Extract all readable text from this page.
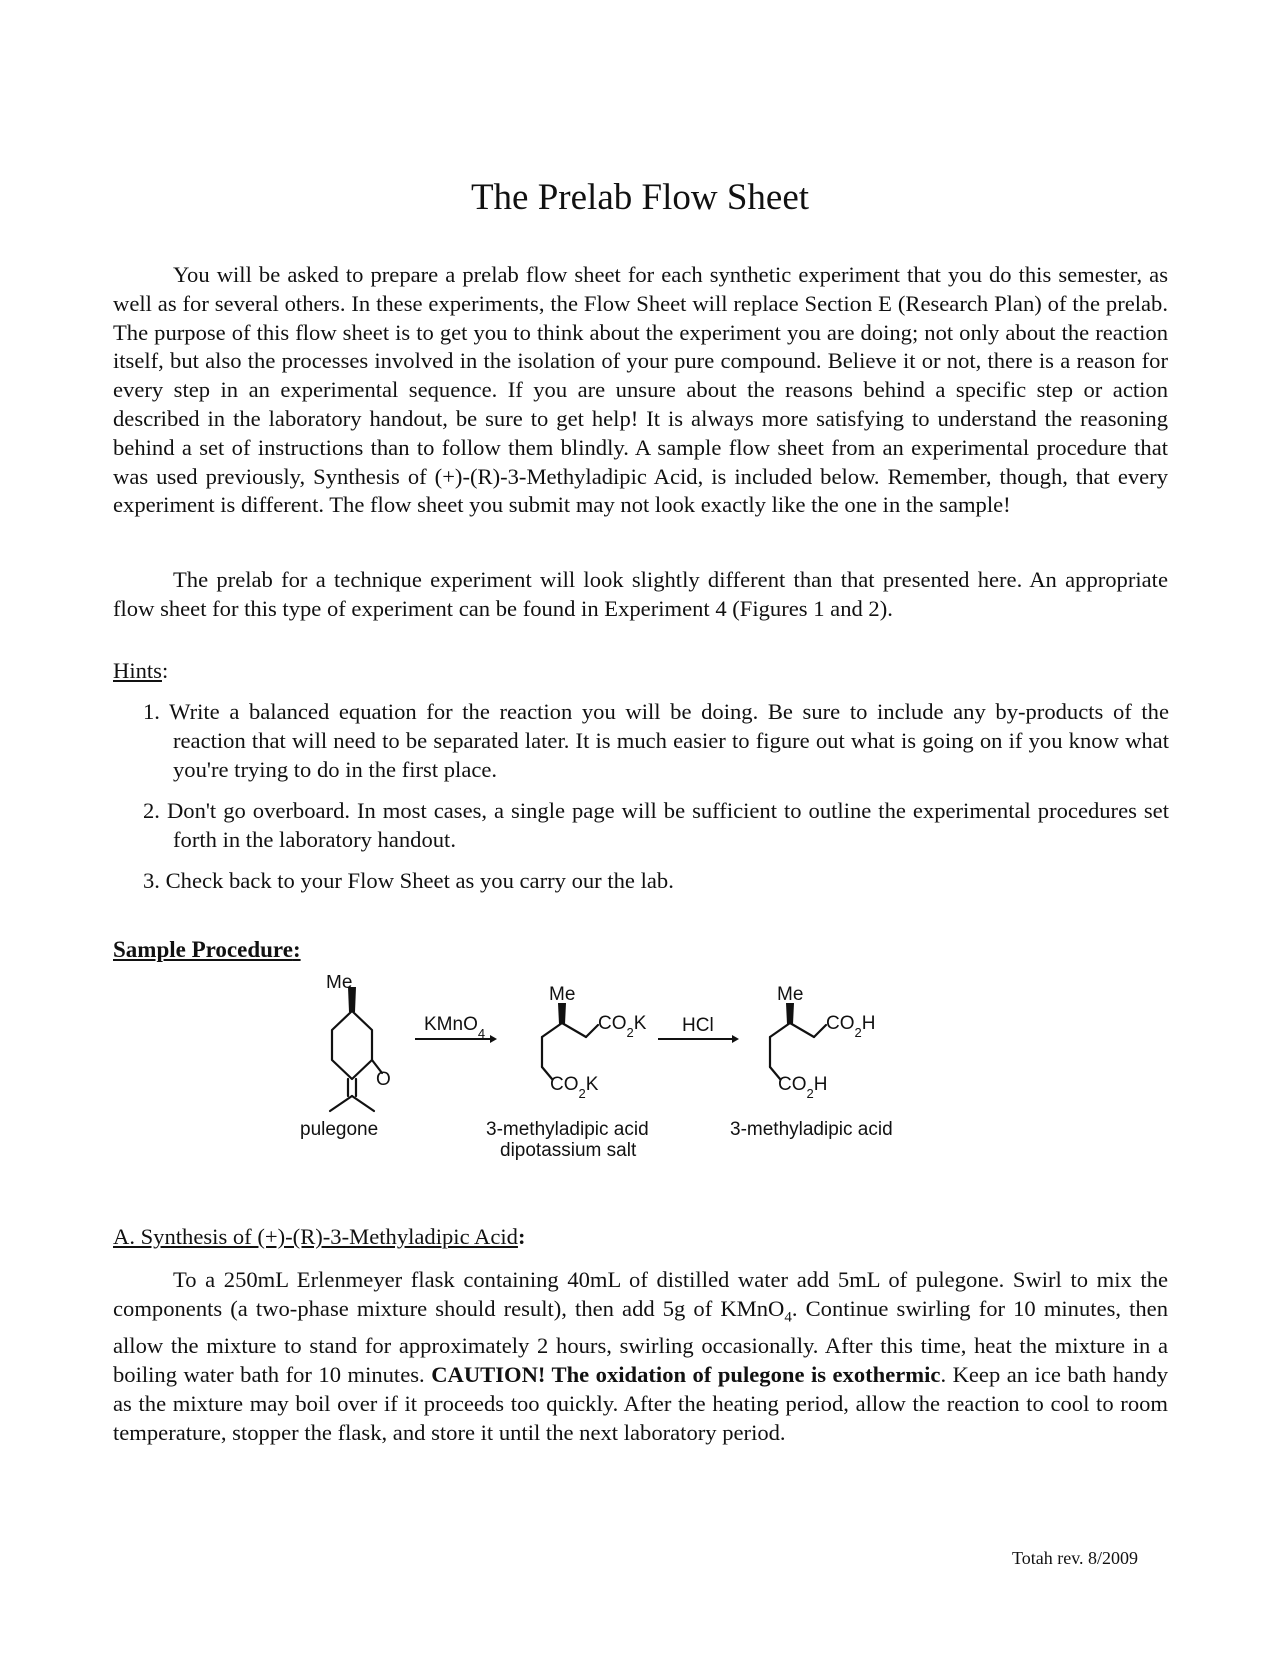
The Prelab Flow Sheet

You will be asked to prepare a prelab flow sheet for each synthetic experiment that you do this semester, as well as for several others. In these experiments, the Flow Sheet will replace Section E (Research Plan) of the prelab. The purpose of this flow sheet is to get you to think about the experiment you are doing; not only about the reaction itself, but also the processes involved in the isolation of your pure compound. Believe it or not, there is a reason for every step in an experimental sequence. If you are unsure about the reasons behind a specific step or action described in the laboratory handout, be sure to get help! It is always more satisfying to understand the reasoning behind a set of instructions than to follow them blindly. A sample flow sheet from an experimental procedure that was used previously, Synthesis of (+)-(R)-3-Methyladipic Acid, is included below. Remember, though, that every experiment is different. The flow sheet you submit may not look exactly like the one in the sample!

The prelab for a technique experiment will look slightly different than that presented here. An appropriate flow sheet for this type of experiment can be found in Experiment 4 (Figures 1 and 2).

Hints:
1. Write a balanced equation for the reaction you will be doing. Be sure to include any by-products of the reaction that will need to be separated later. It is much easier to figure out what is going on if you know what you're trying to do in the first place.
2. Don't go overboard. In most cases, a single page will be sufficient to outline the experimental procedures set forth in the laboratory handout.
3. Check back to your Flow Sheet as you carry our the lab.
Sample Procedure:
Me
O
pulegone
KMnO$_4$
Me
$CO_2K$
$CO_2K$
3-methyladipic acid
dipotassium salt
HCl
Me
$CO_2H$
$CO_2H$
3-methyladipic acid
A. Synthesis of (+)-(R)-3-Methyladipic Acid:

To a 250mL Erlenmeyer flask containing 40mL of distilled water add 5mL of pulegone. Swirl to mix the components (a two-phase mixture should result), then add 5g of KMnO$_4$. Continue swirling for 10 minutes, then allow the mixture to stand for approximately 2 hours, swirling occasionally. After this time, heat the mixture in a boiling water bath for 10 minutes. CAUTION! The oxidation of pulegone is exothermic. Keep an ice bath handy as the mixture may boil over if it proceeds too quickly. After the heating period, allow the reaction to cool to room temperature, stopper the flask, and store it until the next laboratory period.

Totah rev. 8/2009
